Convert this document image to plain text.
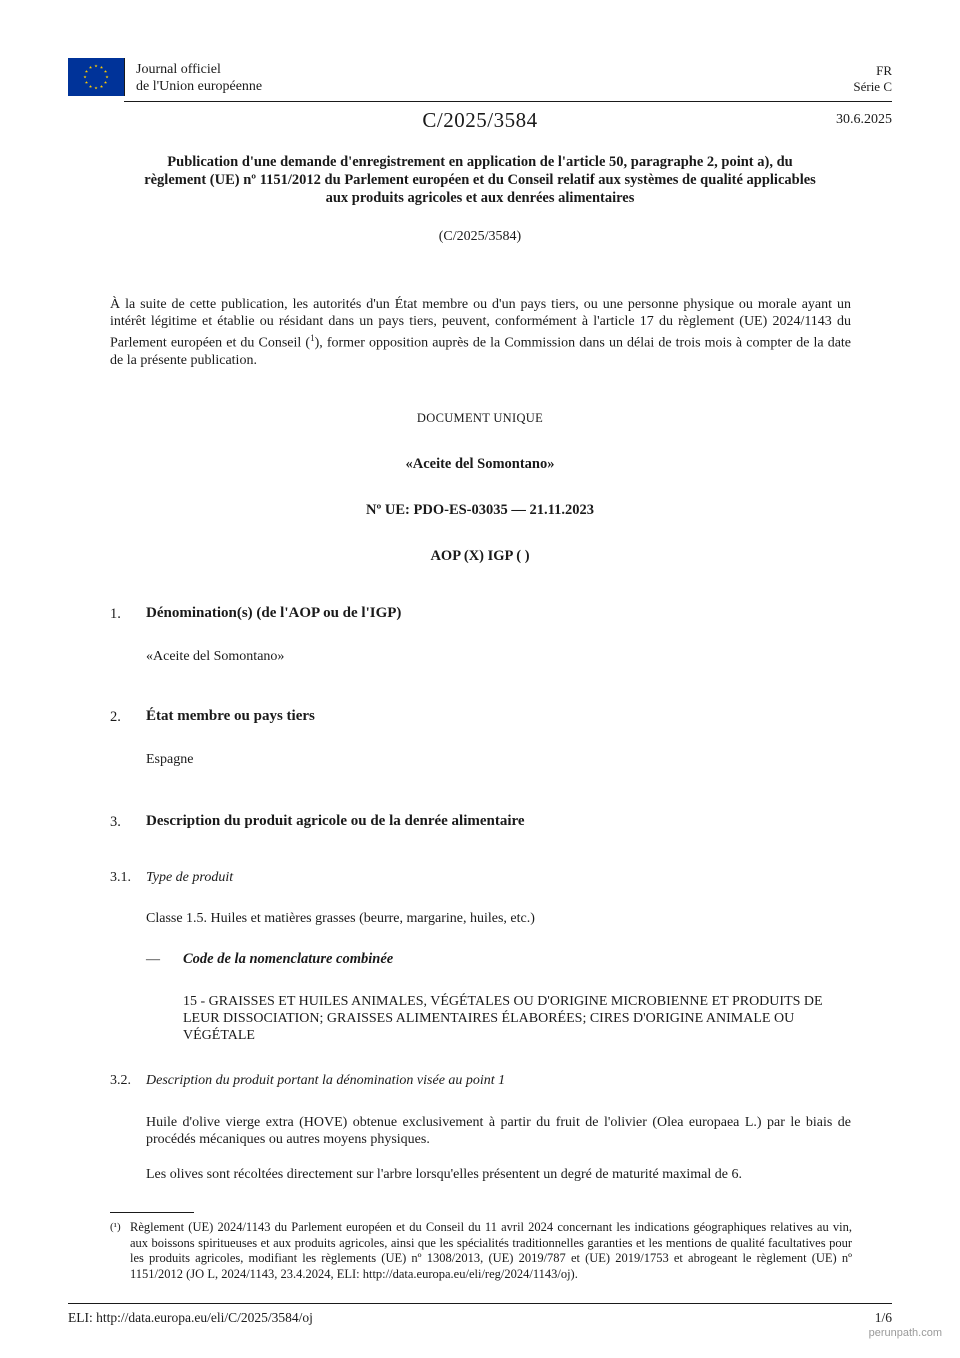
Journal officiel
de l'Union européenne
FR
Série C
C/2025/3584	30.6.2025
Publication d'une demande d'enregistrement en application de l'article 50, paragraphe 2, point a), du règlement (UE) nº 1151/2012 du Parlement européen et du Conseil relatif aux systèmes de qualité applicables aux produits agricoles et aux denrées alimentaires
(C/2025/3584)
À la suite de cette publication, les autorités d'un État membre ou d'un pays tiers, ou une personne physique ou morale ayant un intérêt légitime et établie ou résidant dans un pays tiers, peuvent, conformément à l'article 17 du règlement (UE) 2024/1143 du Parlement européen et du Conseil ($^1$), former opposition auprès de la Commission dans un délai de trois mois à compter de la date de la présente publication.
DOCUMENT UNIQUE
«Aceite del Somontano»
Nº UE: PDO-ES-03035 — 21.11.2023
AOP (X) IGP ( )
1. Dénomination(s) (de l'AOP ou de l'IGP)
«Aceite del Somontano»
2. État membre ou pays tiers
Espagne
3. Description du produit agricole ou de la denrée alimentaire
3.1. Type de produit
Classe 1.5. Huiles et matières grasses (beurre, margarine, huiles, etc.)
— Code de la nomenclature combinée
15 - GRAISSES ET HUILES ANIMALES, VÉGÉTALES OU D'ORIGINE MICROBIENNE ET PRODUITS DE LEUR DISSOCIATION; GRAISSES ALIMENTAIRES ÉLABORÉES; CIRES D'ORIGINE ANIMALE OU VÉGÉTALE
3.2. Description du produit portant la dénomination visée au point 1
Huile d'olive vierge extra (HOVE) obtenue exclusivement à partir du fruit de l'olivier (Olea europaea L.) par le biais de procédés mécaniques ou autres moyens physiques.
Les olives sont récoltées directement sur l'arbre lorsqu'elles présentent un degré de maturité maximal de 6.
(¹) Règlement (UE) 2024/1143 du Parlement européen et du Conseil du 11 avril 2024 concernant les indications géographiques relatives au vin, aux boissons spiritueuses et aux produits agricoles, ainsi que les spécialités traditionnelles garanties et les mentions de qualité facultatives pour les produits agricoles, modifiant les règlements (UE) nº 1308/2013, (UE) 2019/787 et (UE) 2019/1753 et abrogeant le règlement (UE) nº 1151/2012 (JO L, 2024/1143, 23.4.2024, ELI: http://data.europa.eu/eli/reg/2024/1143/oj).
ELI: http://data.europa.eu/eli/C/2025/3584/oj	1/6
perunpath.com
